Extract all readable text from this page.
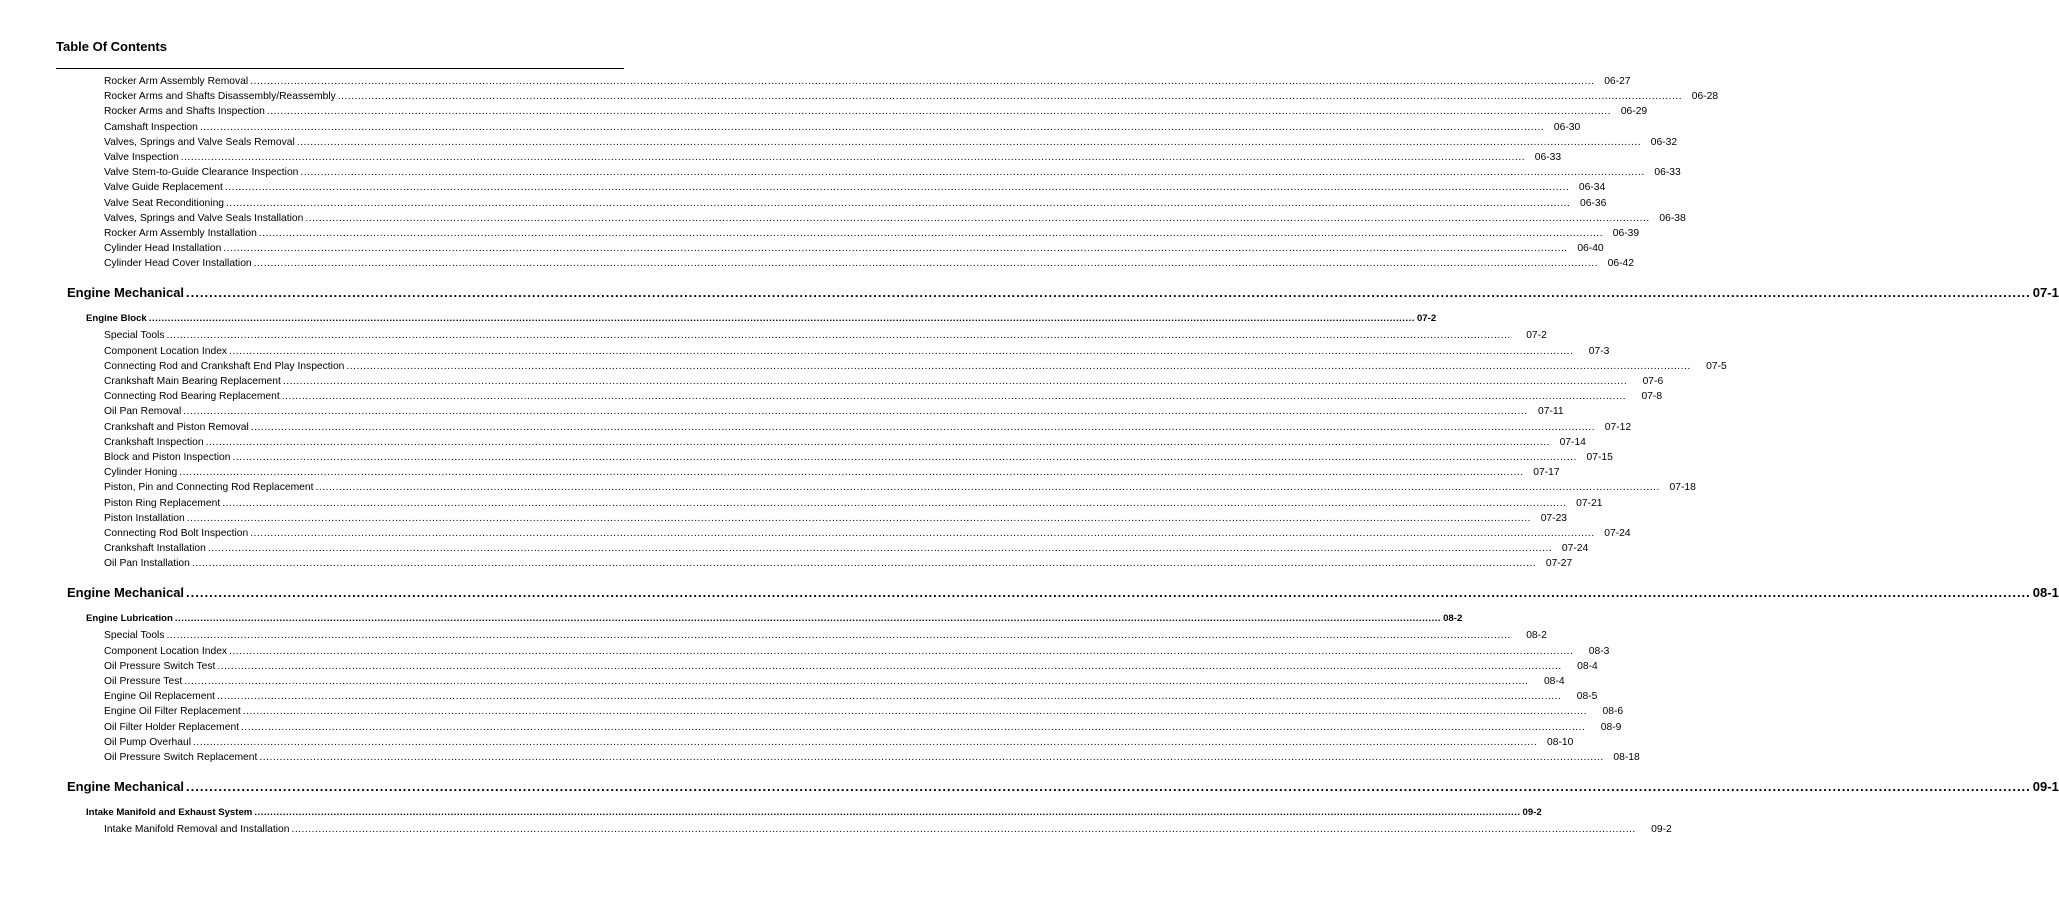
Table Of Contents
Rocker Arm Assembly Removal ................................................................................................................................................................................................................................................................................................................................................................................................................ 06-27
Rocker Arms and Shafts Disassembly/Reassembly ................................................................................................................................................................................................................................................................................................................................................................................................................ 06-28
Rocker Arms and Shafts Inspection ................................................................................................................................................................................................................................................................................................................................................................................................................ 06-29
Camshaft Inspection ................................................................................................................................................................................................................................................................................................................................................................................................................ 06-30
Valves, Springs and Valve Seals Removal ................................................................................................................................................................................................................................................................................................................................................................................................................ 06-32
Valve Inspection ................................................................................................................................................................................................................................................................................................................................................................................................................ 06-33
Valve Stem-to-Guide Clearance Inspection ................................................................................................................................................................................................................................................................................................................................................................................................................ 06-33
Valve Guide Replacement ................................................................................................................................................................................................................................................................................................................................................................................................................ 06-34
Valve Seat Reconditioning ................................................................................................................................................................................................................................................................................................................................................................................................................ 06-36
Valves, Springs and Valve Seals Installation ................................................................................................................................................................................................................................................................................................................................................................................................................ 06-38
Rocker Arm Assembly Installation ................................................................................................................................................................................................................................................................................................................................................................................................................ 06-39
Cylinder Head Installation ................................................................................................................................................................................................................................................................................................................................................................................................................ 06-40
Cylinder Head Cover Installation ................................................................................................................................................................................................................................................................................................................................................................................................................ 06-42
Engine Mechanical ................................................................................................................................................................................................................................................................................................................................................................................................................ 07-1
Engine Block ................................................................................................................................................................................................................................................................................................................................................................................................................ 07-2
Special Tools ................................................................................................................................................................................................................................................................................................................................................................................................................	07-2
Component Location Index ................................................................................................................................................................................................................................................................................................................................................................................................................	07-3
Connecting Rod and Crankshaft End Play Inspection ................................................................................................................................................................................................................................................................................................................................................................................................................	07-5
Crankshaft Main Bearing Replacement ................................................................................................................................................................................................................................................................................................................................................................................................................	07-6
Connecting Rod Bearing Replacement ................................................................................................................................................................................................................................................................................................................................................................................................................	07-8
Oil Pan Removal ................................................................................................................................................................................................................................................................................................................................................................................................................	07-11
Crankshaft and Piston Removal ................................................................................................................................................................................................................................................................................................................................................................................................................ 07-12
Crankshaft Inspection ................................................................................................................................................................................................................................................................................................................................................................................................................ 07-14
Block and Piston Inspection ................................................................................................................................................................................................................................................................................................................................................................................................................ 07-15
Cylinder Honing ................................................................................................................................................................................................................................................................................................................................................................................................................ 07-17
Piston, Pin and Connecting Rod Replacement ................................................................................................................................................................................................................................................................................................................................................................................................................ 07-18
Piston Ring Replacement ................................................................................................................................................................................................................................................................................................................................................................................................................ 07-21
Piston Installation ................................................................................................................................................................................................................................................................................................................................................................................................................ 07-23
Connecting Rod Bolt Inspection ................................................................................................................................................................................................................................................................................................................................................................................................................ 07-24
Crankshaft Installation ................................................................................................................................................................................................................................................................................................................................................................................................................ 07-24
Oil Pan Installation ................................................................................................................................................................................................................................................................................................................................................................................................................ 07-27
Engine Mechanical ................................................................................................................................................................................................................................................................................................................................................................................................................ 08-1
Engine Lubrication ................................................................................................................................................................................................................................................................................................................................................................................................................ 08-2
Special Tools ................................................................................................................................................................................................................................................................................................................................................................................................................	08-2
Component Location Index ................................................................................................................................................................................................................................................................................................................................................................................................................	08-3
Oil Pressure Switch Test ................................................................................................................................................................................................................................................................................................................................................................................................................	08-4
Oil Pressure Test ................................................................................................................................................................................................................................................................................................................................................................................................................	08-4
Engine Oil Replacement ................................................................................................................................................................................................................................................................................................................................................................................................................	08-5
Engine Oil Filter Replacement ................................................................................................................................................................................................................................................................................................................................................................................................................	08-6
Oil Filter Holder Replacement ................................................................................................................................................................................................................................................................................................................................................................................................................	08-9
Oil Pump Overhaul ................................................................................................................................................................................................................................................................................................................................................................................................................ 08-10
Oil Pressure Switch Replacement ................................................................................................................................................................................................................................................................................................................................................................................................................ 08-18
Engine Mechanical ................................................................................................................................................................................................................................................................................................................................................................................................................ 09-1
Intake Manifold and Exhaust System ................................................................................................................................................................................................................................................................................................................................................................................................................ 09-2
Intake Manifold Removal and Installation ................................................................................................................................................................................................................................................................................................................................................................................................................	09-2
